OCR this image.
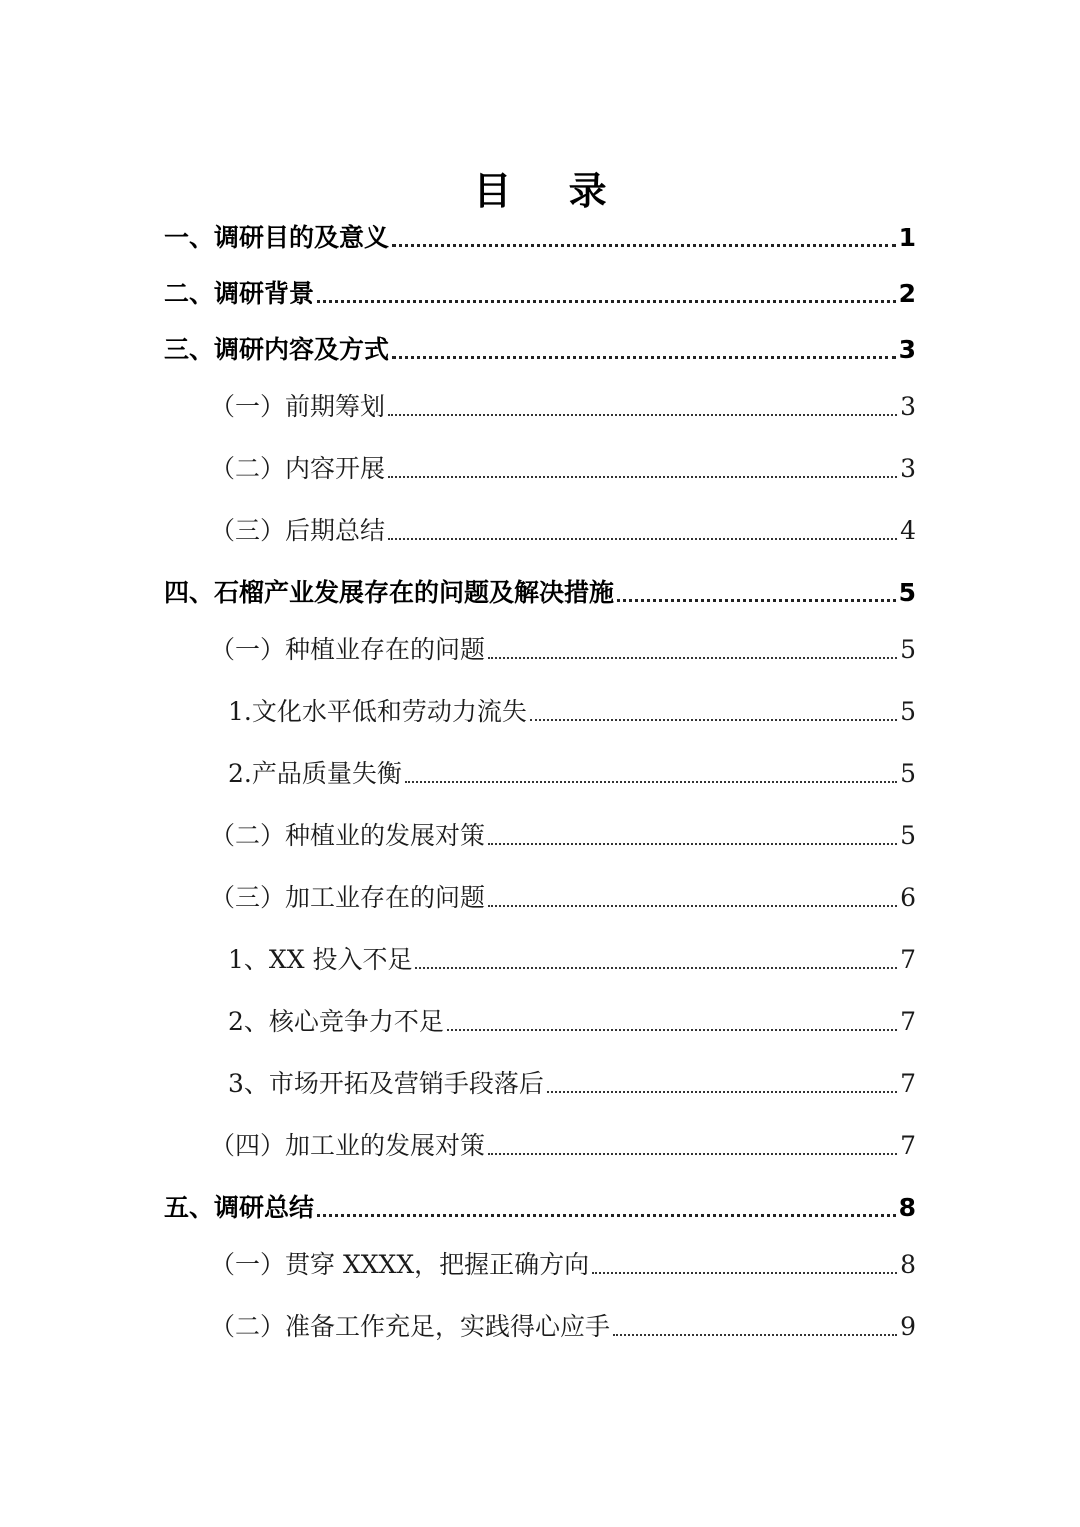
目 录
一、调研目的及意义	1
二、调研背景	2
三、调研内容及方式	3
（一）前期筹划	3
（二）内容开展	3
（三）后期总结	4
四、石榴产业发展存在的问题及解决措施	5
（一）种植业存在的问题	5
1.文化水平低和劳动力流失	5
2.产品质量失衡	5
（二）种植业的发展对策	5
（三）加工业存在的问题	6
1、XX 投入不足	7
2、核心竞争力不足	7
3、市场开拓及营销手段落后	7
（四）加工业的发展对策	7
五、调研总结	8
（一）贯穿 XXXX，把握正确方向	8
（二）准备工作充足，实践得心应手	9
